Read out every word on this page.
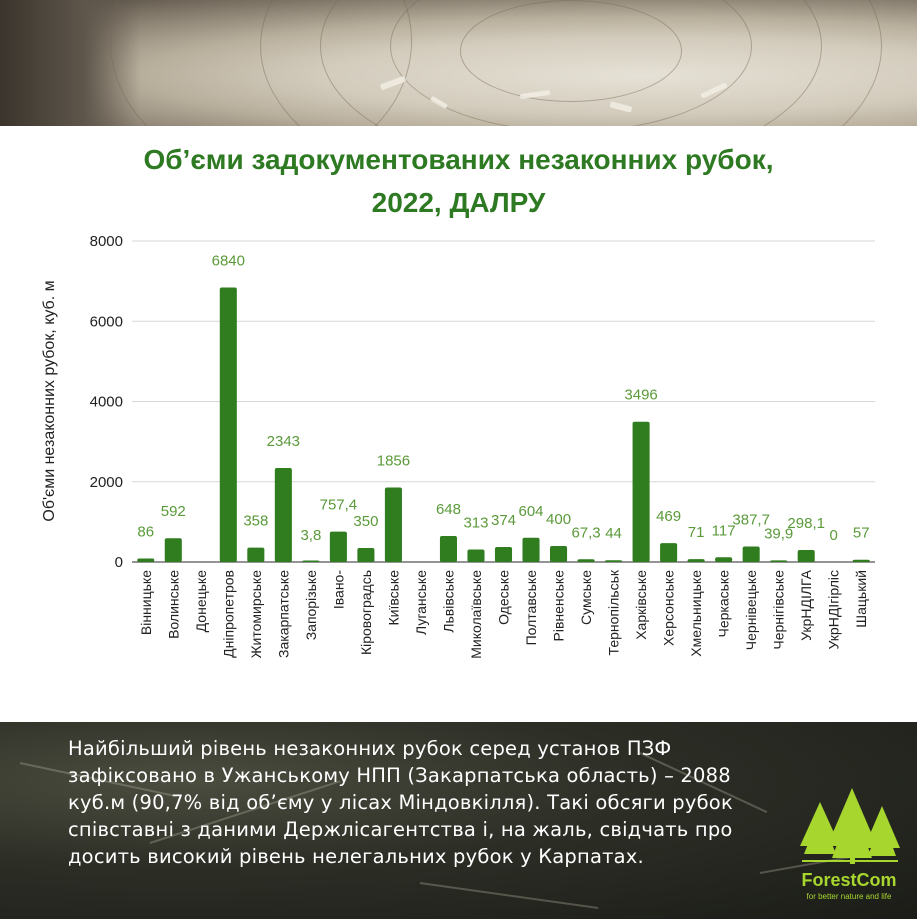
Об’єми задокументованих незаконних рубок,
2022, ДАЛРУ
0
2000
4000
6000
8000
86
592
6840
358
2343
3,8
757,4
350
1856
648
313 374
604 400
67,3 44
3496
469
71 117
387,7
39,9
298,1
0 57
Вінницьке Волинське Донецьке Дніпропетров Житомирське Закарпатське Запорізьке Івано- Кіровоградсь Київське Луганське Львівське Миколаївське Одеське Полтавське Рівненське Сумське Тернопільськ Харківське Херсонське Хмельницьке Черкаське Чернівецьке Чернігівське УкрНДІЛГА УкрНДІгірліс Шацький
Об'єми незаконних рубок, куб. м
Найбільший рівень незаконних рубок серед установ ПЗФ зафіксовано в Ужанському НПП (Закарпатська область) – 2088 куб.м (90,7% від об’єму у лісах Міндовкілля). Такі обсяги рубок співставні з даними Держлісагентства і, на жаль, свідчать про досить високий рівень нелегальних рубок у Карпатах.
ForestCom
for better nature and life
